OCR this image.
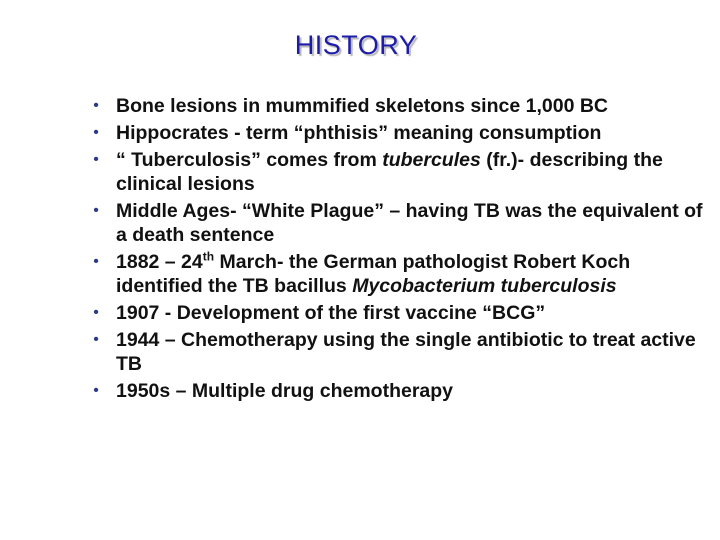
HISTORY
• Bone lesions in mummified skeletons since 1,000 BC
• Hippocrates - term “phthisis” meaning consumption
• “ Tuberculosis” comes from tubercules (fr.)- describing the clinical lesions
• Middle Ages- “White Plague” – having TB was the equivalent of a death sentence
• 1882 – 24th March- the German pathologist Robert Koch identified the TB bacillus Mycobacterium tuberculosis
• 1907 - Development of the first vaccine “BCG”
• 1944 – Chemotherapy using the single antibiotic to treat active TB
• 1950s – Multiple drug chemotherapy
